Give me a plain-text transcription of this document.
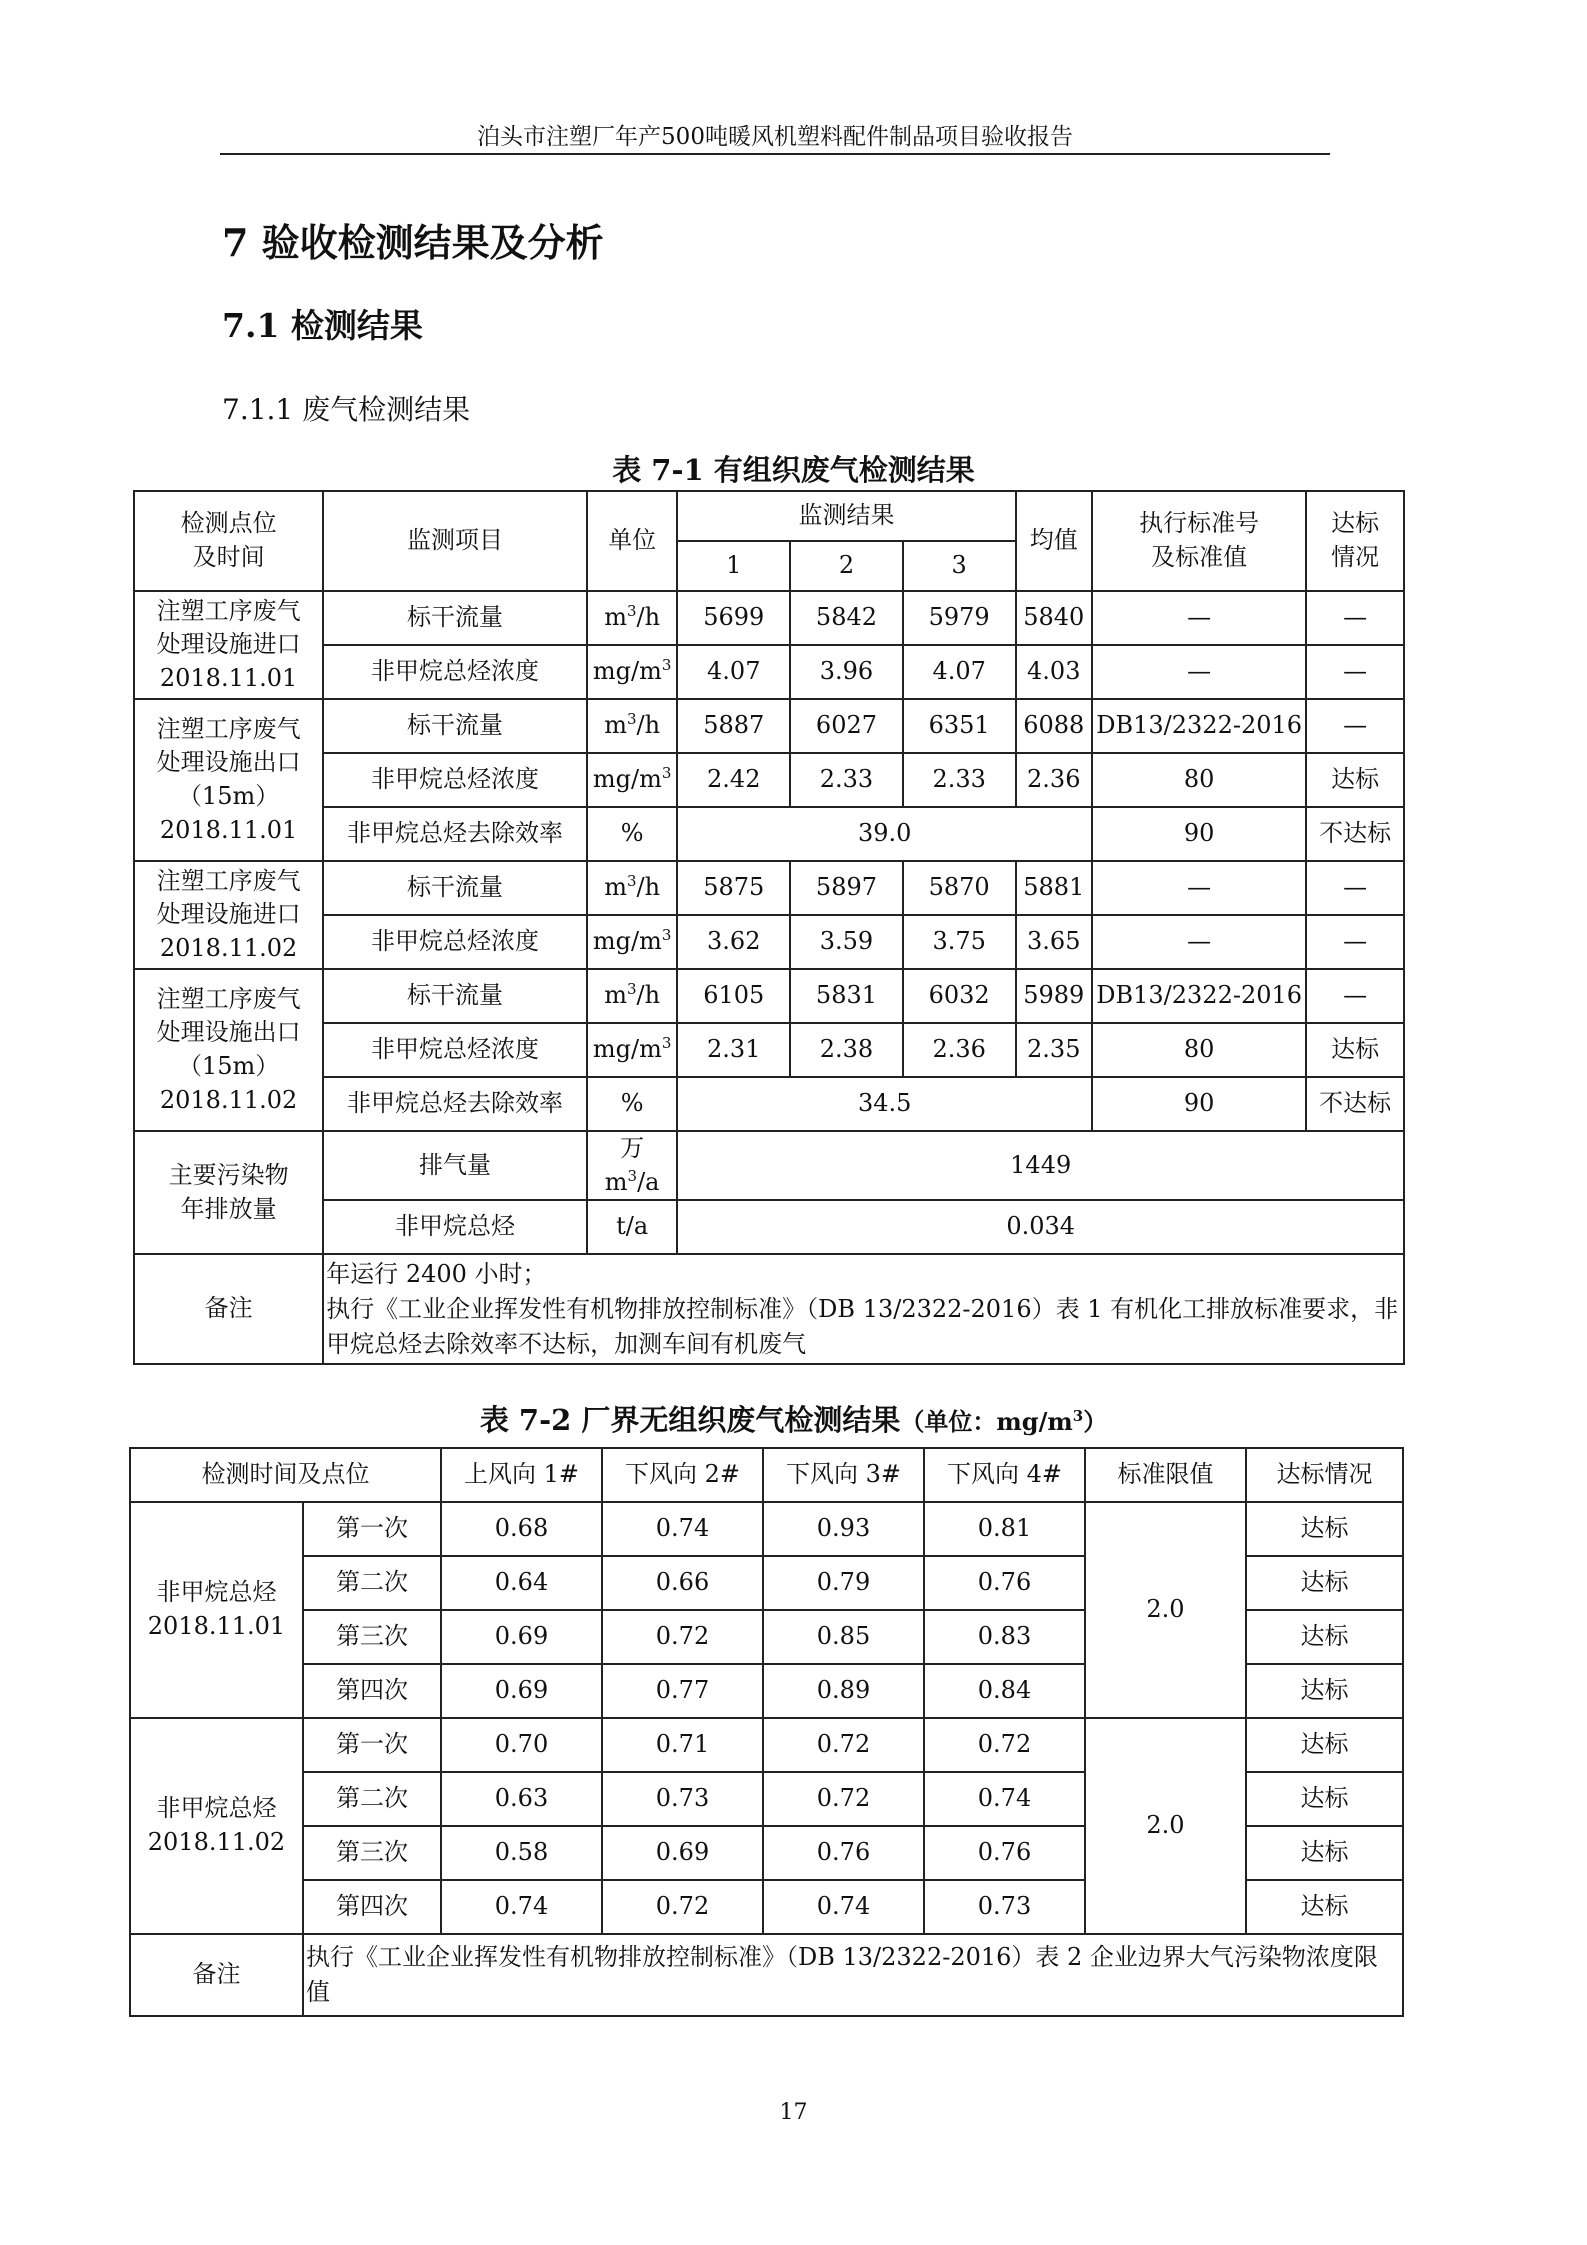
泊头市注塑厂年产500吨暖风机塑料配件制品项目验收报告
7 验收检测结果及分析
7.1 检测结果
7.1.1 废气检测结果
表 7-1 有组织废气检测结果
检测点位
及时间	监测项目	单位	监测结果			均值	执行标准号
及标准值	达标
情况
			1	2	3			
注塑工序废气
处理设施进口
2018.11.01	标干流量	$m^3/h$	5699	5842	5979	5840	—	—
	非甲烷总烃浓度	$mg/m^3$	4.07	3.96	4.07	4.03	—	—
注塑工序废气
处理设施出口
（15m）
2018.11.01	标干流量	$m^3/h$	5887	6027	6351	6088	DB13/2322-2016	—
	非甲烷总烃浓度	$mg/m^3$	2.42	2.33	2.33	2.36	80	达标
	非甲烷总烃去除效率	%	39.0				90	不达标
注塑工序废气
处理设施进口
2018.11.02	标干流量	$m^3/h$	5875	5897	5870	5881	—	—
	非甲烷总烃浓度	$mg/m^3$	3.62	3.59	3.75	3.65	—	—
注塑工序废气
处理设施出口
（15m）
2018.11.02	标干流量	$m^3/h$	6105	5831	6032	5989	DB13/2322-2016	—
	非甲烷总烃浓度	$mg/m^3$	2.31	2.38	2.36	2.35	80	达标
	非甲烷总烃去除效率	%	34.5				90	不达标
主要污染物
年排放量	排气量	万 $m^3/a$	1449					
	非甲烷总烃	t/a	0.034					
备注	年运行 2400 小时；
执行《工业企业挥发性有机物排放控制标准》（DB 13/2322-2016）表 1 有机化工排放标准要求，非甲烷总烃去除效率不达标，加测车间有机废气							
表 7-2 厂界无组织废气检测结果（单位：$mg/m^3$）
检测时间及点位		上风向 1#	下风向 2#	下风向 3#	下风向 4#	标准限值	达标情况
非甲烷总烃
2018.11.01	第一次	0.68	0.74	0.93	0.81	2.0	达标
	第二次	0.64	0.66	0.79	0.76		达标
	第三次	0.69	0.72	0.85	0.83		达标
	第四次	0.69	0.77	0.89	0.84		达标
非甲烷总烃
2018.11.02	第一次	0.70	0.71	0.72	0.72	2.0	达标
	第二次	0.63	0.73	0.72	0.74		达标
	第三次	0.58	0.69	0.76	0.76		达标
	第四次	0.74	0.72	0.74	0.73		达标
备注	执行《工业企业挥发性有机物排放控制标准》（DB 13/2322-2016）表 2 企业边界大气污染物浓度限值						
17
